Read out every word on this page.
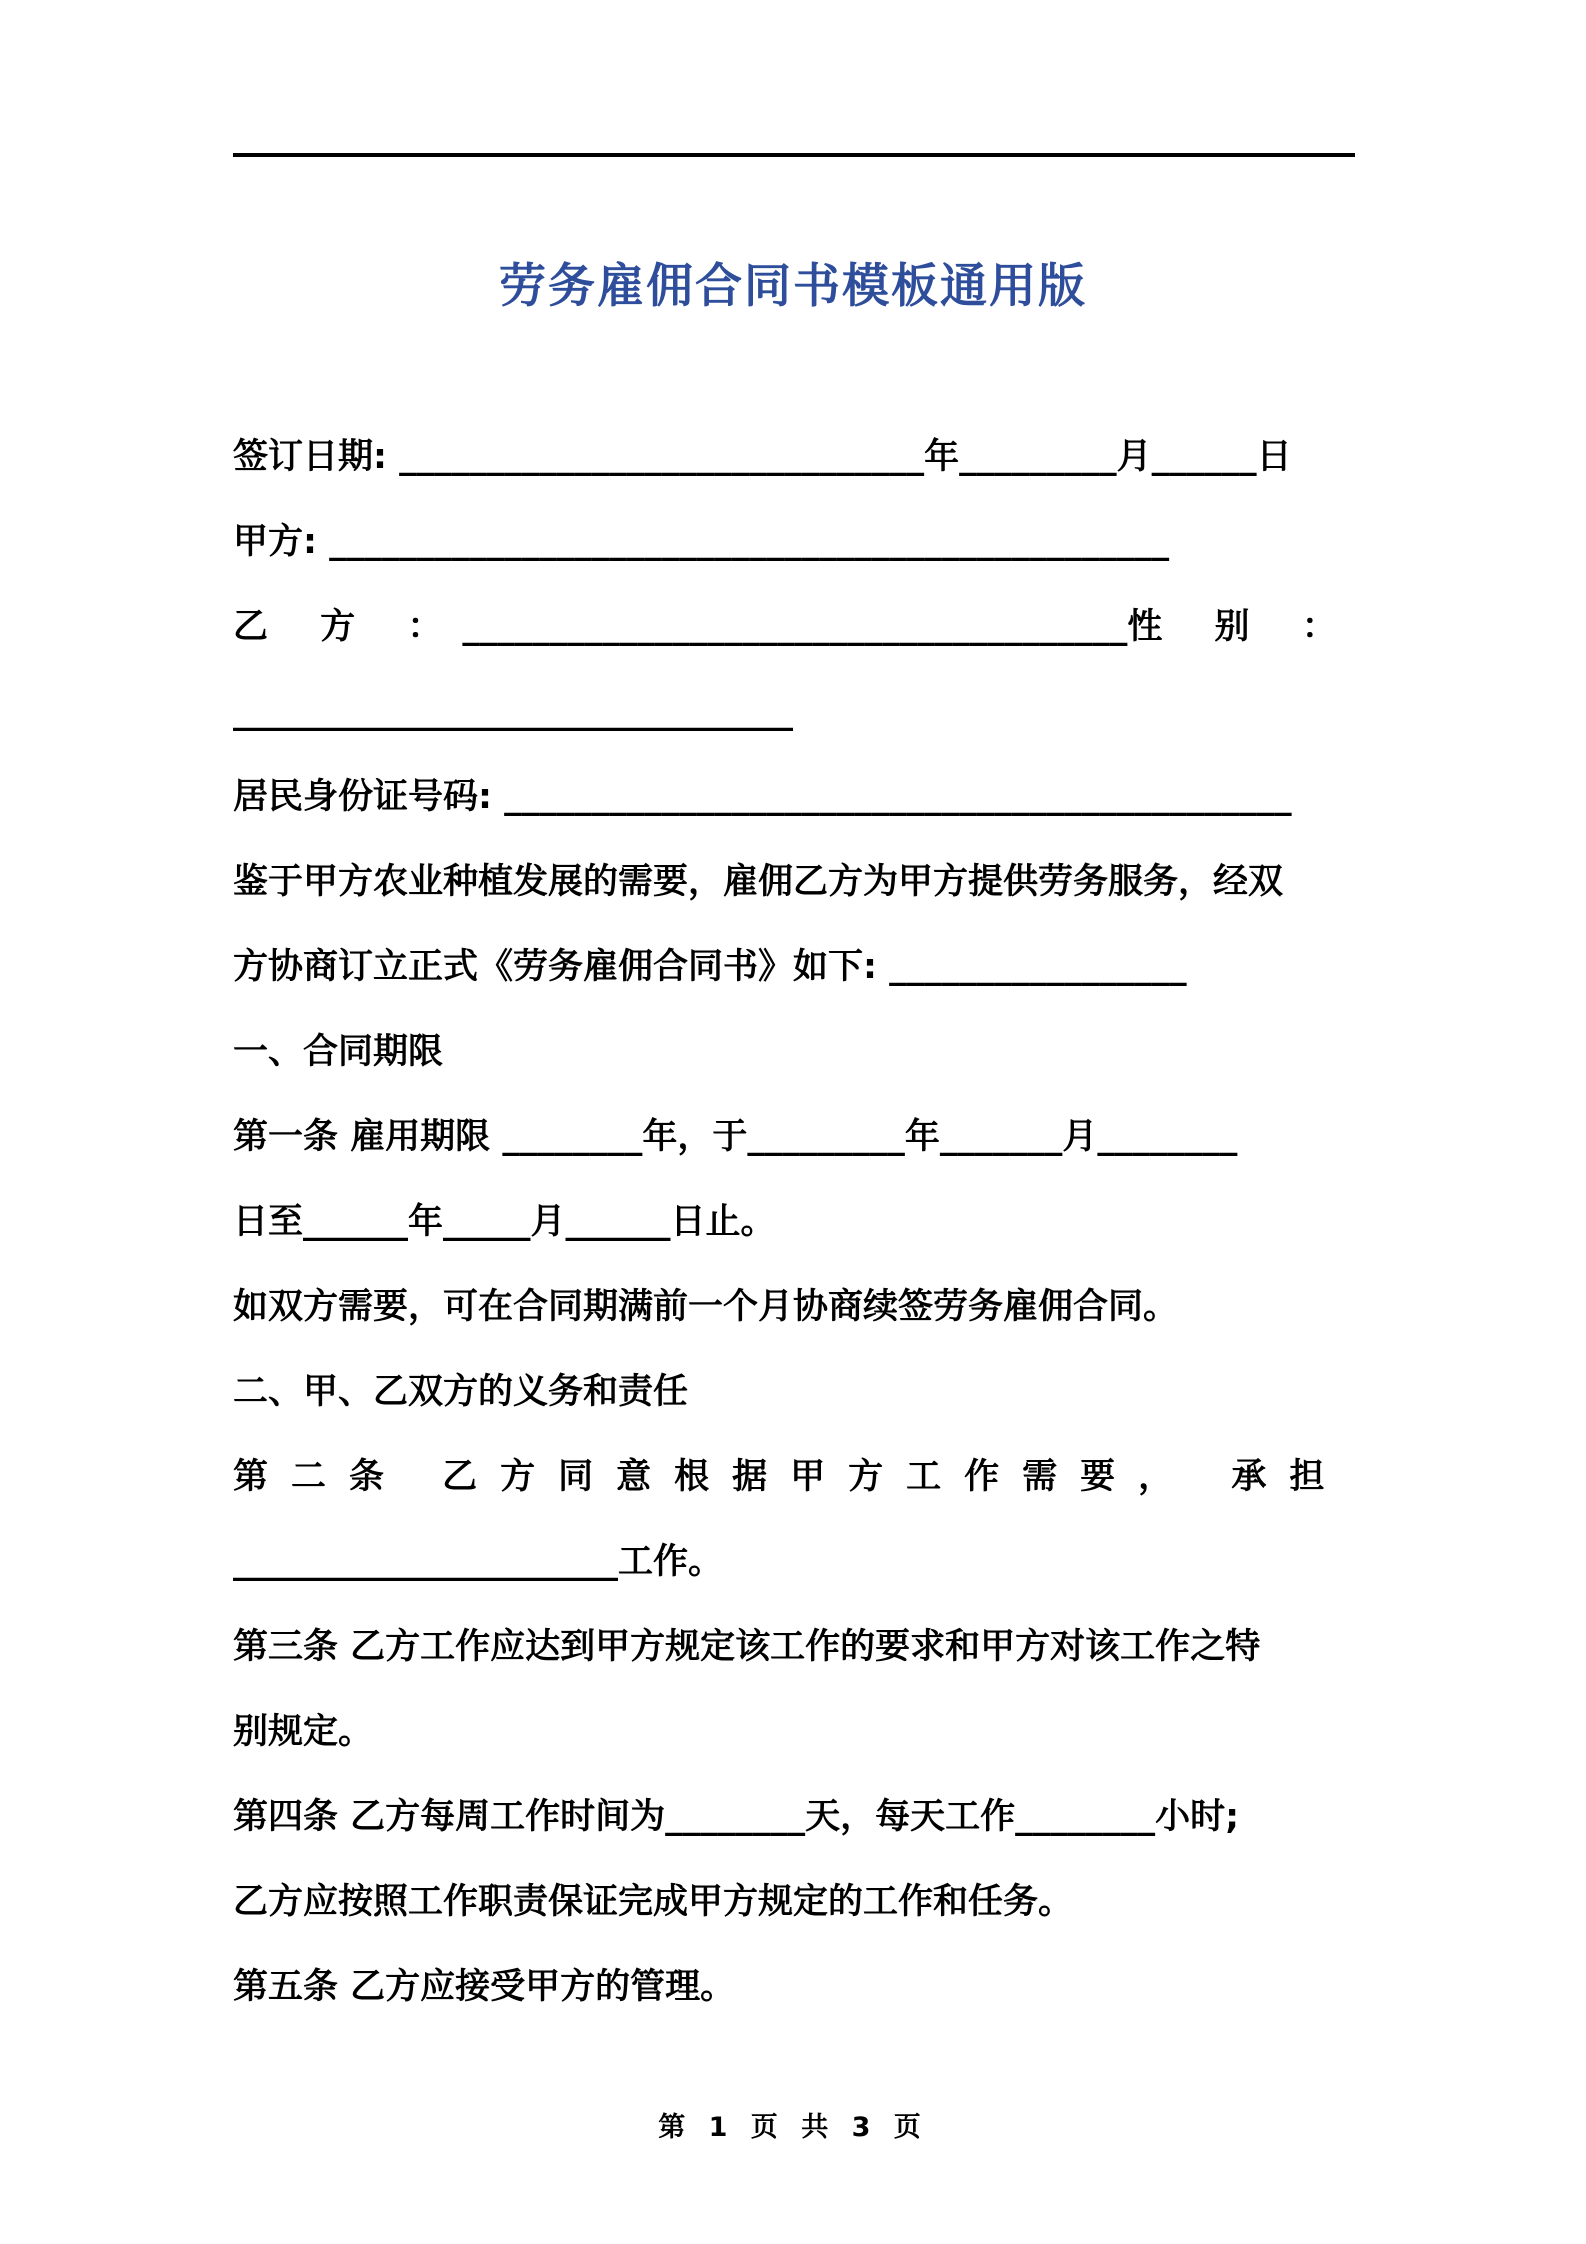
劳务雇佣合同书模板通用版
签订日期: ______________________________年_________月______日
甲方: ________________________________________________
乙 方 ： ______________________________________ 性 别 ：
________________________________
居民身份证号码: _____________________________________________
鉴于甲方农业种植发展的需要，雇佣乙方为甲方提供劳务服务，经双
方协商订立正式《劳务雇佣合同书》如下: _________________
一、合同期限
第一条 雇用期限 ________年，于_________年_______月________
日至______年_____月______日止。
如双方需要，可在合同期满前一个月协商续签劳务雇佣合同。
二、甲、乙双方的义务和责任
第二条 乙方同意根据甲方工作需要， 承担
______________________工作。
第三条 乙方工作应达到甲方规定该工作的要求和甲方对该工作之特
别规定。
第四条 乙方每周工作时间为________天，每天工作________小时;
乙方应按照工作职责保证完成甲方规定的工作和任务。
第五条 乙方应接受甲方的管理。
第 1 页 共 3 页
